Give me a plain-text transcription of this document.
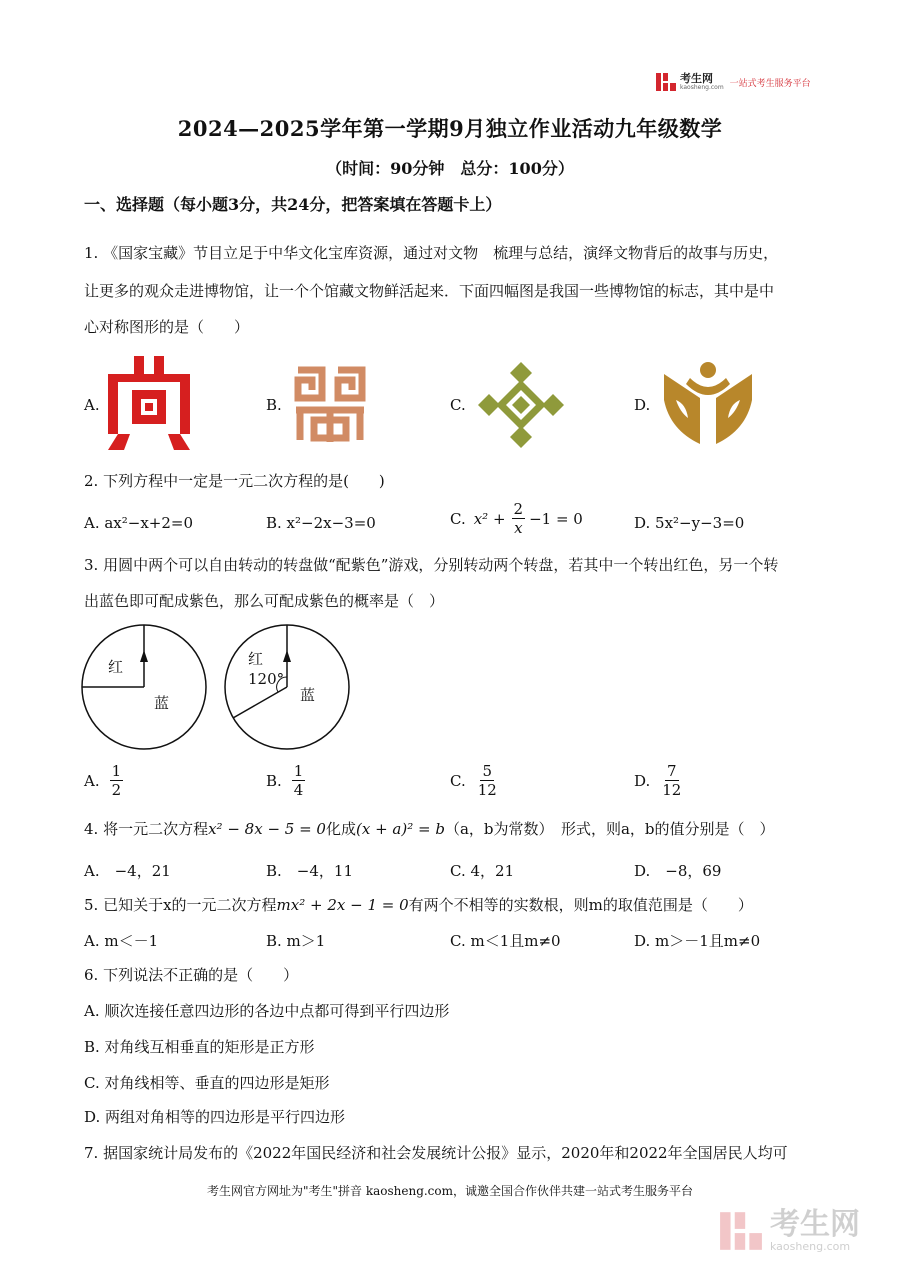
考生网
kaosheng.com 一站式考生服务平台
2024—2025学年第一学期9月独立作业活动九年级数学
（时间：90分钟　总分：100分）
一、选择题（每小题3分，共24分，把答案填在答题卡上）
1. 《国家宝藏》节目立足于中华文化宝库资源，通过对文物　梳理与总结，演绎文物背后的故事与历史，
让更多的观众走进博物馆，让一个个馆藏文物鲜活起来．下面四幅图是我国一些博物馆的标志，其中是中
心对称图形的是（　　）
A.	B.	C.	D.
2. 下列方程中一定是一元二次方程的是(　　)
A. ax²−x+2=0	B. x²−2x−3=0	C. $x^2 + \frac{2}{x} -1 = 0$	D. 5x²−y−3=0
3. 用圆中两个可以自由转动的转盘做“配紫色”游戏，分别转动两个转盘，若其中一个转出红色，另一个转
出蓝色即可配成紫色，那么可配成紫色的概率是（　）
红
蓝
红
120°
蓝
A. $\frac{1}{2}$	B. $\frac{1}{4}$	C. $\frac{5}{12}$	D. $\frac{7}{12}$
4. 将一元二次方程x² − 8x − 5 = 0化成(x + a)² = b（a，b为常数）　形式，则a，b的值分别是（　）
A.　−4，21	B.　−4，11	C. 4，21	D.　−8，69
5. 已知关于x的一元二次方程mx² + 2x − 1 = 0有两个不相等的实数根，则m的取值范围是（　　）
A. m＜－1	B. m＞1	C. m＜1且m≠0	D. m＞－1且m≠0
6. 下列说法不正确的是（　　）
A. 顺次连接任意四边形的各边中点都可得到平行四边形
B. 对角线互相垂直的矩形是正方形
C. 对角线相等、垂直的四边形是矩形
D. 两组对角相等的四边形是平行四边形
7. 据国家统计局发布的《2022年国民经济和社会发展统计公报》显示，2020年和2022年全国居民人均可
考生网官方网址为"考生"拼音 kaosheng.com，诚邀全国合作伙伴共建一站式考生服务平台
考生网
kaosheng.com
